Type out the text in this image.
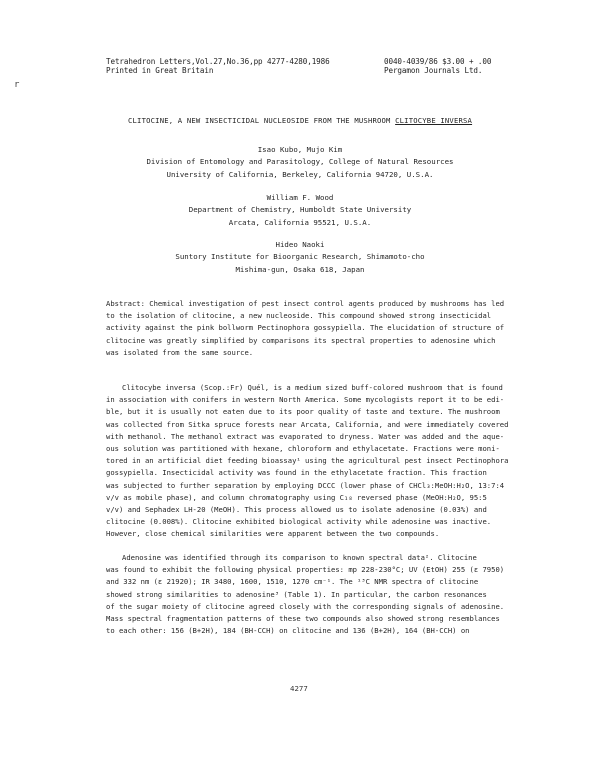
Tetrahedron Letters,Vol.27,No.36,pp 4277-4280,1986
Printed in Great Britain
0040-4039/86 $3.00 + .00
Pergamon Journals Ltd.
r
CLITOCINE, A NEW INSECTICIDAL NUCLEOSIDE FROM THE MUSHROOM CLITOCYBE INVERSA
Isao Kubo, Mujo Kim
Division of Entomology and Parasitology, College of Natural Resources
University of California, Berkeley, California 94720, U.S.A.
William F. Wood
Department of Chemistry, Humboldt State University
Arcata, California 95521, U.S.A.
Hideo Naoki
Suntory Institute for Bioorganic Research, Shimamoto-cho
Mishima-gun, Osaka 618, Japan
Abstract: Chemical investigation of pest insect control agents produced by mushrooms has led
to the isolation of clitocine, a new nucleoside. This compound showed strong insecticidal
activity against the pink bollworm Pectinophora gossypiella. The elucidation of structure of
clitocine was greatly simplified by comparisons its spectral properties to adenosine which
was isolated from the same source.
Clitocybe inversa (Scop.:Fr) Quél, is a medium sized buff-colored mushroom that is found
in association with conifers in western North America. Some mycologists report it to be edi-
ble, but it is usually not eaten due to its poor quality of taste and texture. The mushroom
was collected from Sitka spruce forests near Arcata, California, and were immediately covered
with methanol. The methanol extract was evaporated to dryness. Water was added and the aque-
ous solution was partitioned with hexane, chloroform and ethylacetate. Fractions were moni-
tored in an artificial diet feeding bioassay¹ using the agricultural pest insect Pectinophora
gossypiella. Insecticidal activity was found in the ethylacetate fraction. This fraction
was subjected to further separation by employing DCCC (lower phase of CHCl₃:MeOH:H₂O, 13:7:4
v/v as mobile phase), and column chromatography using C₁₈ reversed phase (MeOH:H₂O, 95:5
v/v) and Sephadex LH-20 (MeOH). This process allowed us to isolate adenosine (0.03%) and
clitocine (0.008%). Clitocine exhibited biological activity while adenosine was inactive.
However, close chemical similarities were apparent between the two compounds.
Adenosine was identified through its comparison to known spectral data². Clitocine
was found to exhibit the following physical properties: mp 228-230°C; UV (EtOH) 255 (ε 7950)
and 332 nm (ε 21920); IR 3480, 1600, 1510, 1270 cm⁻¹. The ¹³C NMR spectra of clitocine
showed strong similarities to adenosine³ (Table 1). In particular, the carbon resonances
of the sugar moiety of clitocine agreed closely with the corresponding signals of adenosine.
Mass spectral fragmentation patterns of these two compounds also showed strong resemblances
to each other: 156 (B+2H), 184 (BH-CCH) on clitocine and 136 (B+2H), 164 (BH-CCH) on
4277
